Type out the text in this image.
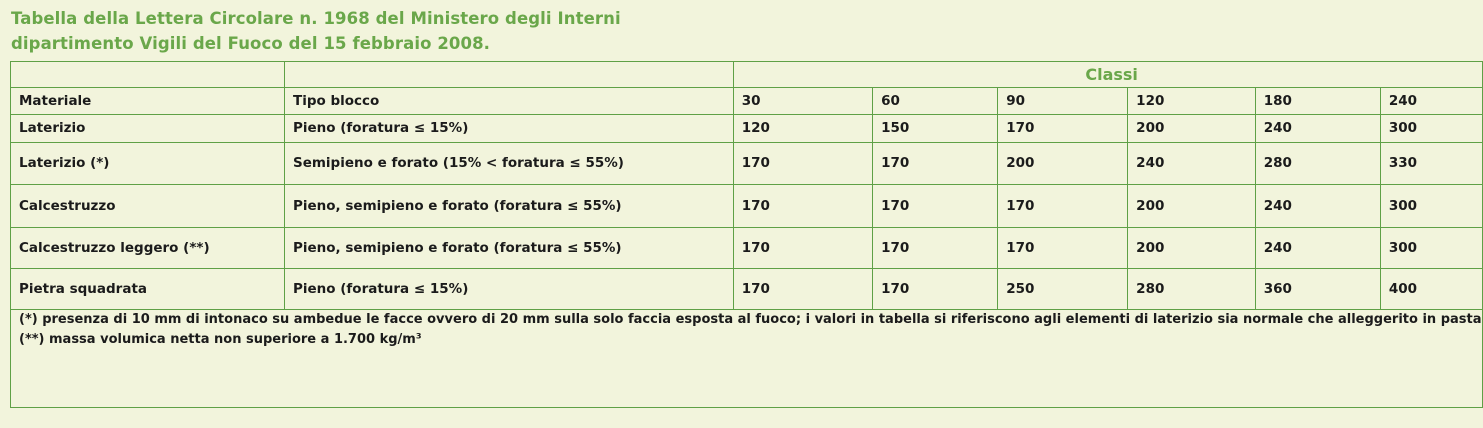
Tabella della Lettera Circolare n. 1968 del Ministero degli Interni
dipartimento Vigili del Fuoco del 15 febbraio 2008.
		Classi					
Materiale	Tipo blocco	30	60	90	120	180	240
Laterizio	Pieno (foratura ≤ 15%)	120	150	170	200	240	300
Laterizio (*)	Semipieno e forato (15% < foratura ≤ 55%)	170	170	200	240	280	330
Calcestruzzo	Pieno, semipieno e forato (foratura ≤ 55%)	170	170	170	200	240	300
Calcestruzzo leggero (**)	Pieno, semipieno e forato (foratura ≤ 55%)	170	170	170	200	240	300
Pietra squadrata	Pieno (foratura ≤ 15%)	170	170	250	280	360	400

(*) presenza di 10 mm di intonaco su ambedue le facce ovvero di 20 mm sulla solo faccia esposta al fuoco; i valori in tabella si riferiscono agli elementi di laterizio sia normale che alleggerito in pasta
(**) massa volumica netta non superiore a 1.700 kg/m³							
